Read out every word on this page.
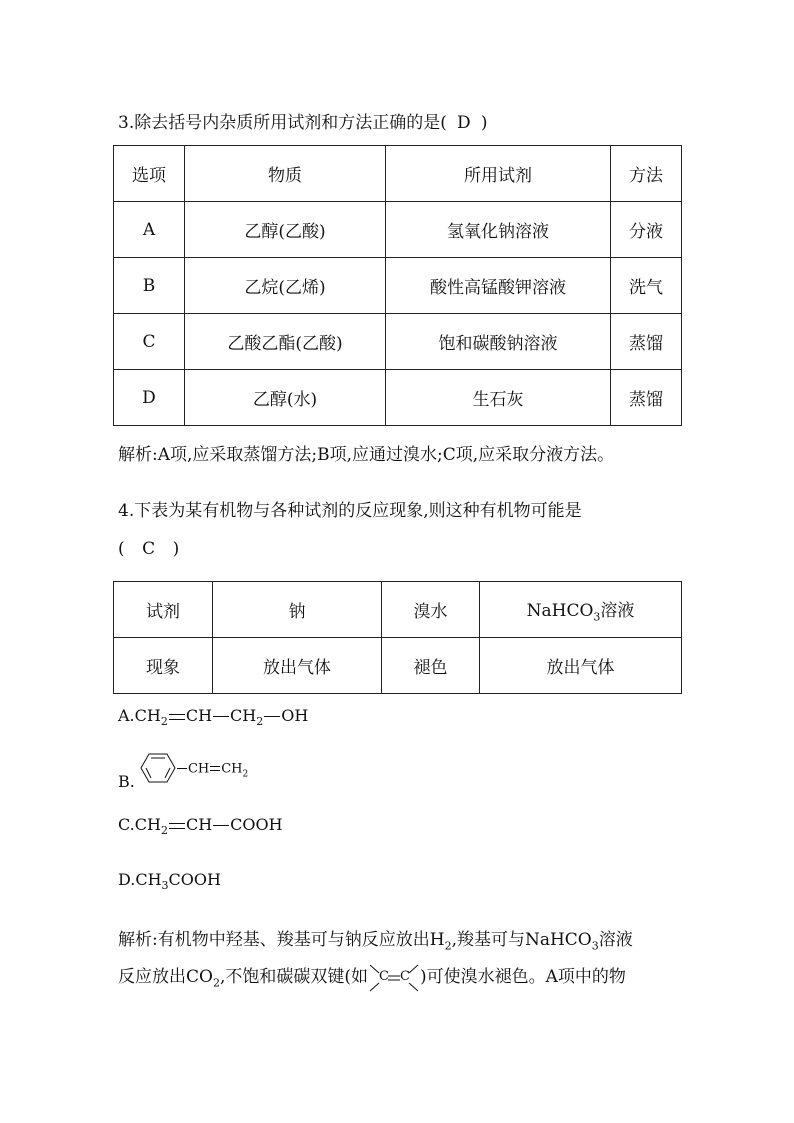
3.除去括号内杂质所用试剂和方法正确的是( D )
选项	物质	所用试剂	方法
A	乙醇(乙酸)	氢氧化钠溶液	分液
B	乙烷(乙烯)	酸性高锰酸钾溶液	洗气
C	乙酸乙酯(乙酸)	饱和碳酸钠溶液	蒸馏
D	乙醇(水)	生石灰	蒸馏
解析:A项,应采取蒸馏方法;B项,应通过溴水;C项,应采取分液方法。
4.下表为某有机物与各种试剂的反应现象,则这种有机物可能是
( C )
试剂	钠	溴水	NaHCO$_3$溶液
现象	放出气体	褪色	放出气体
$A.CH_2$ CH $CH_2$ OH
B. CH $CH_2$
$C.CH_2$ CH COOH
$D.CH_3COOH$
解析:有机物中羟基、羧基可与钠反应放出$H_2$,羧基可与NaHCO$_3$溶液
反应放出$CO_2$,不饱和碳碳双键(如 C C )可使溴水褪色。A项中的物
